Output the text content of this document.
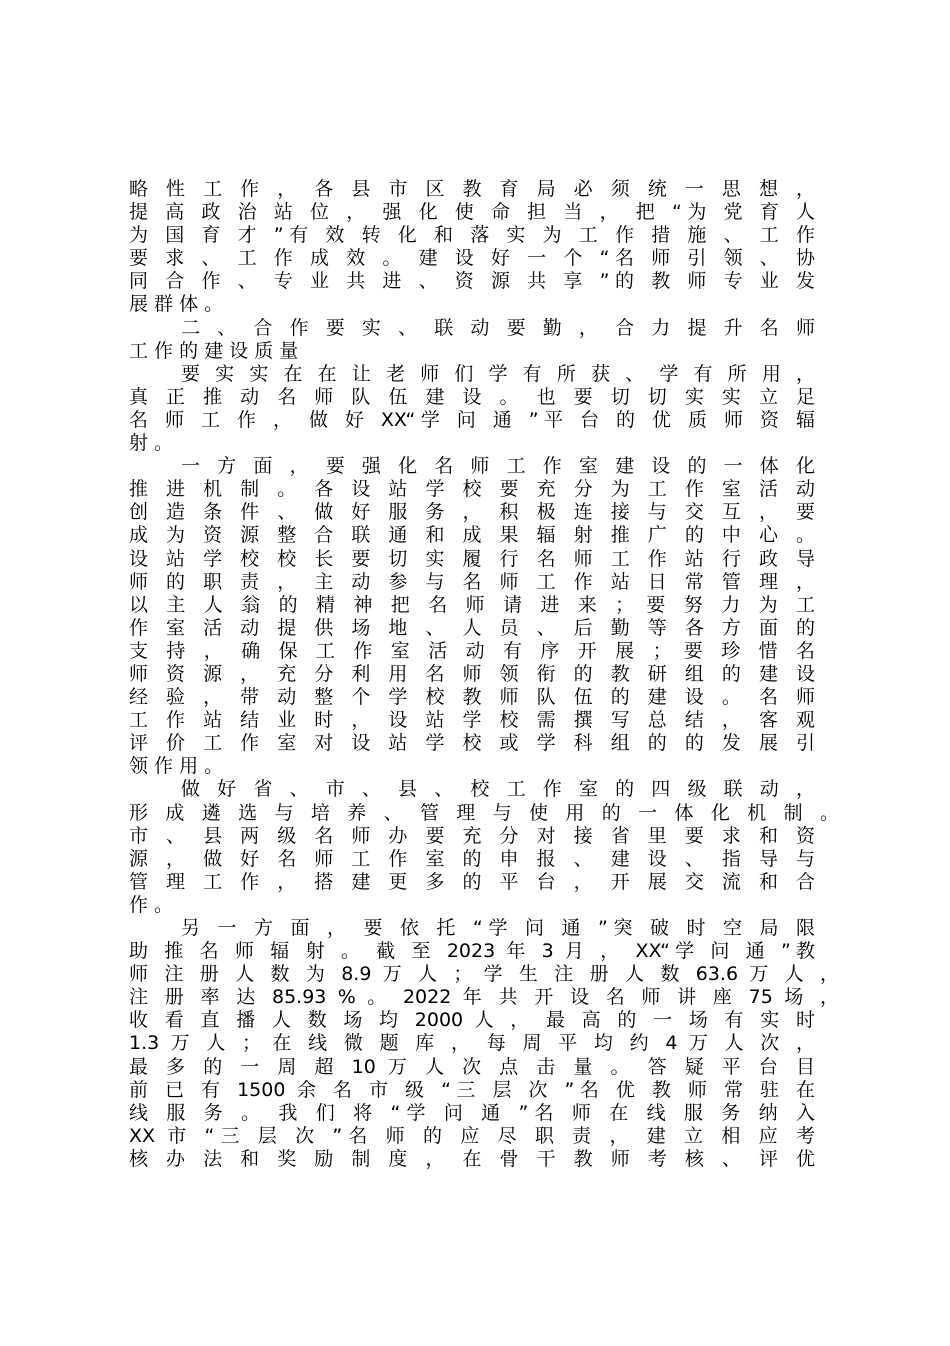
略 性 工 作 ， 各 县 市 区 教 育 局 必 须 统 一 思 想 ，
提 高 政 治 站 位 ， 强 化 使 命 担 当 ， 把 “为 党 育 人
为 国 育 才 ”有 效 转 化 和 落 实 为 工 作 措 施 、 工 作
要 求 、 工 作 成 效 。 建 设 好 一 个 “名 师 引 领 、 协
同 合 作 、 专 业 共 进 、 资 源 共 享 ”的 教 师 专 业 发
展 群 体 。
二 、 合 作 要 实 、 联 动 要 勤 ， 合 力 提 升 名 师
工 作 的 建 设 质 量
要 实 实 在 在 让 老 师 们 学 有 所 获 、 学 有 所 用 ，
真 正 推 动 名 师 队 伍 建 设 。 也 要 切 切 实 实 立 足
名 师 工 作 ， 做 好 XX“学 问 通 ”平 台 的 优 质 师 资 辐
射 。
一 方 面 ， 要 强 化 名 师 工 作 室 建 设 的 一 体 化
推 进 机 制 。 各 设 站 学 校 要 充 分 为 工 作 室 活 动
创 造 条 件 、 做 好 服 务 ， 积 极 连 接 与 交 互 ， 要
成 为 资 源 整 合 联 通 和 成 果 辐 射 推 广 的 中 心 。
设 站 学 校 校 长 要 切 实 履 行 名 师 工 作 站 行 政 导
师 的 职 责 ， 主 动 参 与 名 师 工 作 站 日 常 管 理 ，
以 主 人 翁 的 精 神 把 名 师 请 进 来 ； 要 努 力 为 工
作 室 活 动 提 供 场 地 、 人 员 、 后 勤 等 各 方 面 的
支 持 ， 确 保 工 作 室 活 动 有 序 开 展 ； 要 珍 惜 名
师 资 源 ， 充 分 利 用 名 师 领 衔 的 教 研 组 的 建 设
经 验 ， 带 动 整 个 学 校 教 师 队 伍 的 建 设 。 名 师
工 作 站 结 业 时 ， 设 站 学 校 需 撰 写 总 结 ， 客 观
评 价 工 作 室 对 设 站 学 校 或 学 科 组 的 的 发 展 引
领 作 用 。
做 好 省 、 市 、 县 、 校 工 作 室 的 四 级 联 动 ，
形 成 遴 选 与 培 养 、 管 理 与 使 用 的 一 体 化 机 制 。
市 、 县 两 级 名 师 办 要 充 分 对 接 省 里 要 求 和 资
源 ， 做 好 名 师 工 作 室 的 申 报 、 建 设 、 指 导 与
管 理 工 作 ， 搭 建 更 多 的 平 台 ， 开 展 交 流 和 合
作 。
另 一 方 面 ， 要 依 托 “学 问 通 ”突 破 时 空 局 限
助 推 名 师 辐 射 。 截 至 2023 年 3 月 ， XX“学 问 通 ”教
师 注 册 人 数 为 8.9 万 人 ； 学 生 注 册 人 数 63.6 万 人 ，
注 册 率 达 85.93 % 。 2022 年 共 开 设 名 师 讲 座 75 场 ，
收 看 直 播 人 数 场 均 2000 人 ， 最 高 的 一 场 有 实 时
1.3 万 人 ； 在 线 微 题 库 ， 每 周 平 均 约 4 万 人 次 ，
最 多 的 一 周 超 10 万 人 次 点 击 量 。 答 疑 平 台 目
前 已 有 1500 余 名 市 级 “三 层 次 ”名 优 教 师 常 驻 在
线 服 务 。 我 们 将 “学 问 通 ”名 师 在 线 服 务 纳 入
XX 市 “三 层 次 ”名 师 的 应 尽 职 责 ， 建 立 相 应 考
核 办 法 和 奖 励 制 度 ， 在 骨 干 教 师 考 核 、 评 优
